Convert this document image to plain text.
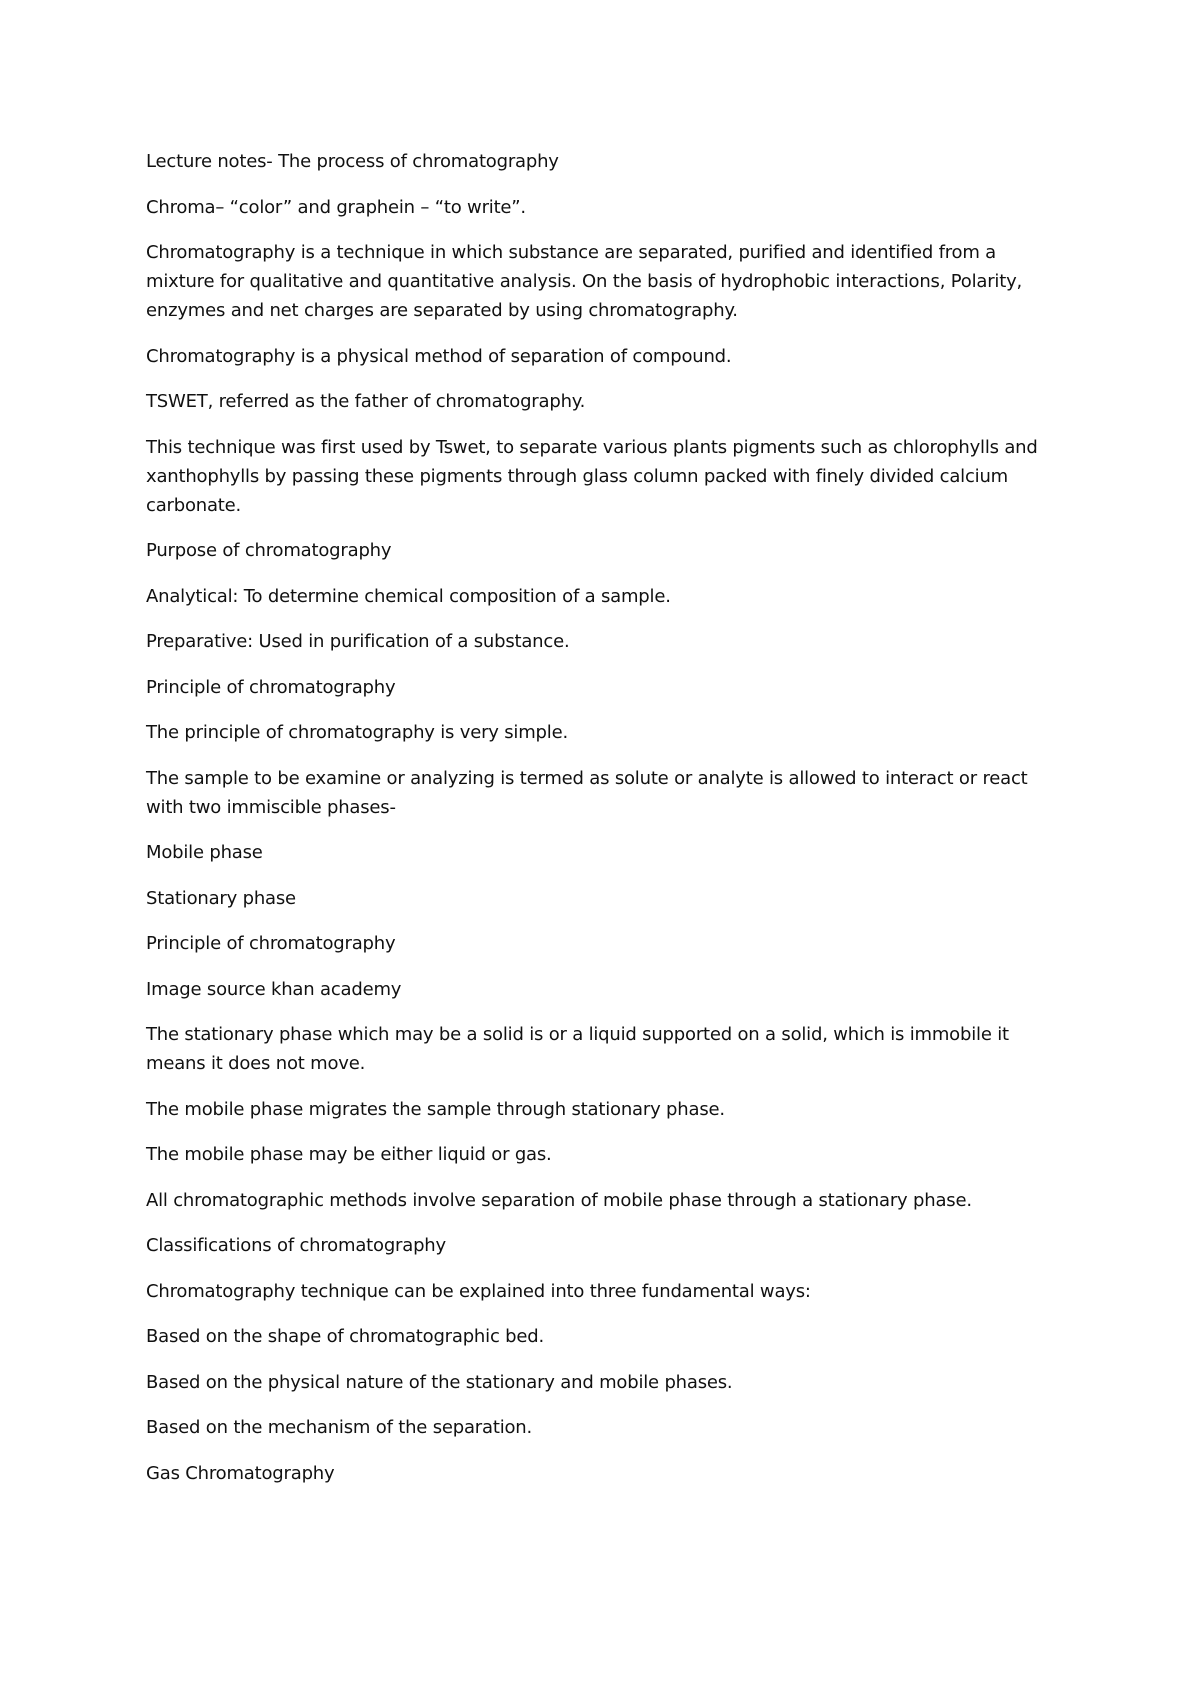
Lecture notes- The process of chromatography

Chroma– “color” and graphein – “to write”.

Chromatography is a technique in which substance are separated, purified and identified from a mixture for qualitative and quantitative analysis. On the basis of hydrophobic interactions, Polarity, enzymes and net charges are separated by using chromatography.

Chromatography is a physical method of separation of compound.

TSWET, referred as the father of chromatography.

This technique was first used by Tswet, to separate various plants pigments such as chlorophylls and xanthophylls by passing these pigments through glass column packed with finely divided calcium carbonate.

Purpose of chromatography

Analytical: To determine chemical composition of a sample.

Preparative: Used in purification of a substance.

Principle of chromatography

The principle of chromatography is very simple.

The sample to be examine or analyzing is termed as solute or analyte is allowed to interact or react with two immiscible phases-

Mobile phase

Stationary phase

Principle of chromatography

Image source khan academy

The stationary phase which may be a solid is or a liquid supported on a solid, which is immobile it means it does not move.

The mobile phase migrates the sample through stationary phase.

The mobile phase may be either liquid or gas.

All chromatographic methods involve separation of mobile phase through a stationary phase.

Classifications of chromatography

Chromatography technique can be explained into three fundamental ways:

Based on the shape of chromatographic bed.

Based on the physical nature of the stationary and mobile phases.

Based on the mechanism of the separation.

Gas Chromatography
